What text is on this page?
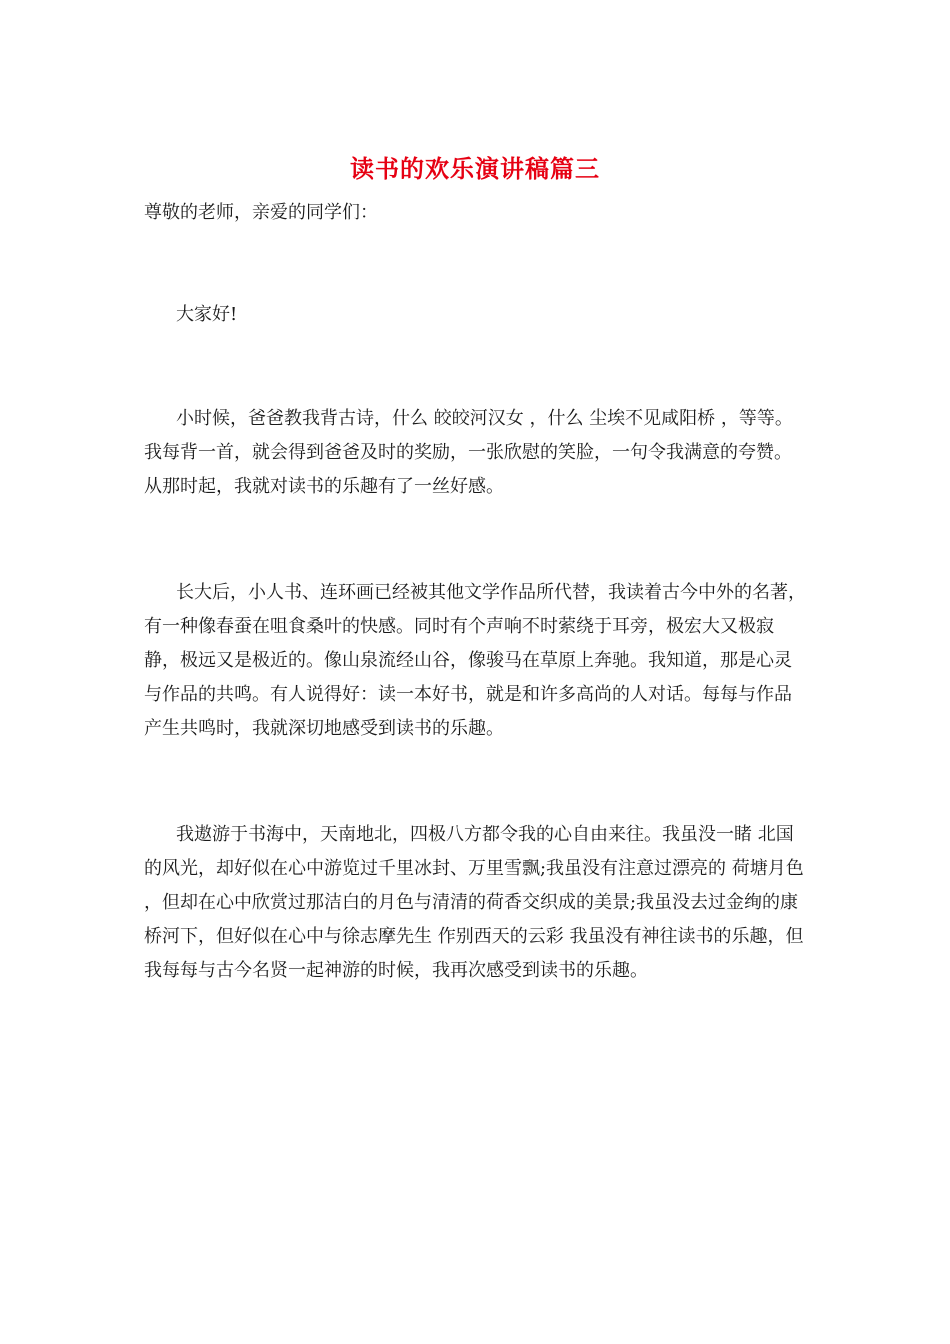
读书的欢乐演讲稿篇三

尊敬的老师，亲爱的同学们：

大家好!

小时候，爸爸教我背古诗，什么 皎皎河汉女 ，什么 尘埃不见咸阳桥 ，等等。我每背一首，就会得到爸爸及时的奖励，一张欣慰的笑脸，一句令我满意的夸赞。从那时起，我就对读书的乐趣有了一丝好感。

长大后，小人书、连环画已经被其他文学作品所代替，我读着古今中外的名著，有一种像春蚕在咀食桑叶的快感。同时有个声响不时萦绕于耳旁，极宏大又极寂静，极远又是极近的。像山泉流经山谷，像骏马在草原上奔驰。我知道，那是心灵与作品的共鸣。有人说得好：读一本好书，就是和许多高尚的人对话。每每与作品产生共鸣时，我就深切地感受到读书的乐趣。

我遨游于书海中，天南地北，四极八方都令我的心自由来往。我虽没一睹 北国 的风光，却好似在心中游览过千里冰封、万里雪飘;我虽没有注意过漂亮的 荷塘月色 ，但却在心中欣赏过那洁白的月色与清清的荷香交织成的美景;我虽没去过金绚的康桥河下，但好似在心中与徐志摩先生 作别西天的云彩 我虽没有神往读书的乐趣，但我每每与古今名贤一起神游的时候，我再次感受到读书的乐趣。
